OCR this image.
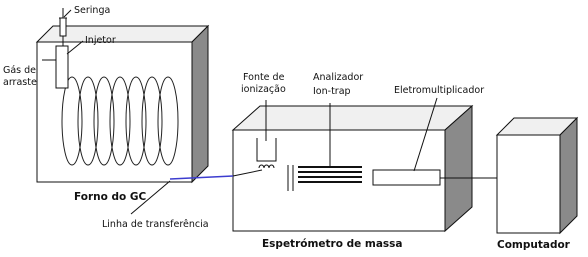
Seringa
Injetor
Gás de
arraste	Fonte de
ionização
Analizador
Ion-trap	Eletromultiplicador
Forno do GC
Linha de transferência
Espetrómetro de massa	Computador
